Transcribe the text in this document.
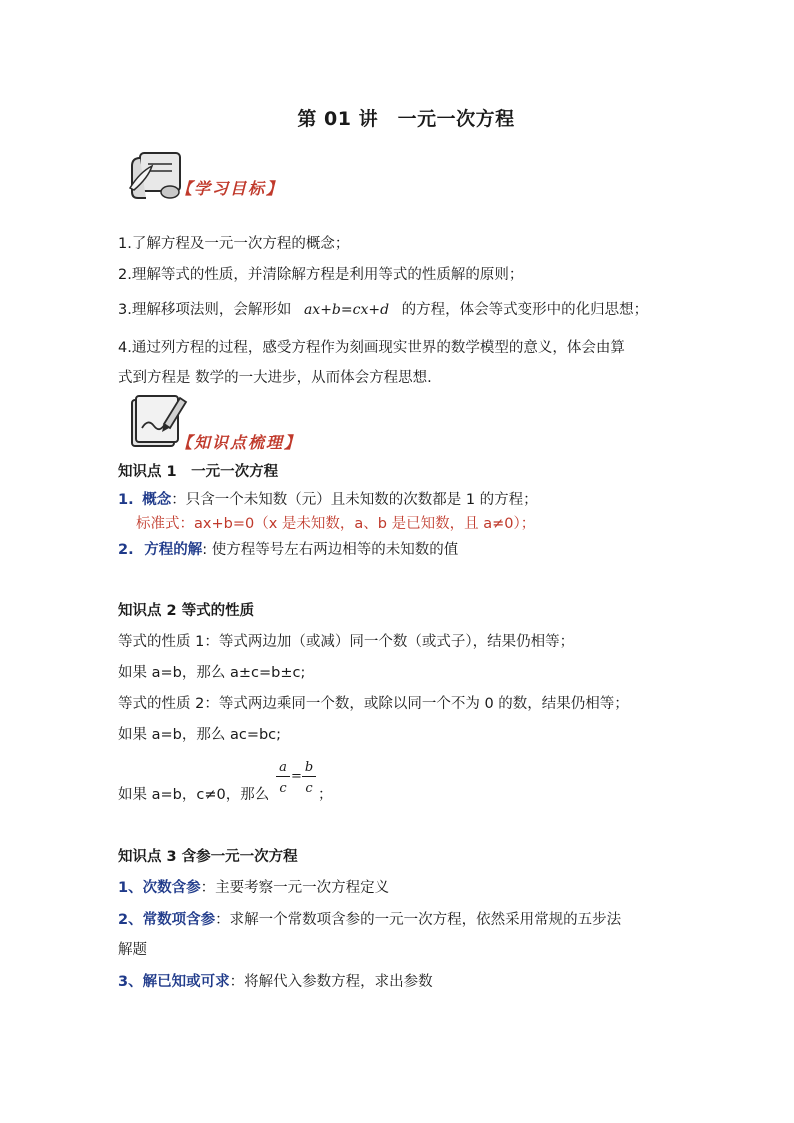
第 01 讲　一元一次方程
【学习目标】
1.了解方程及一元一次方程的概念；
2.理解等式的性质，并清除解方程是利用等式的性质解的原则；
3.理解移项法则，会解形如 ax+b=cx+d 的方程，体会等式变形中的化归思想；
4.通过列方程的过程，感受方程作为刻画现实世界的数学模型的意义，体会由算
式到方程是 数学的一大进步，从而体会方程思想.
【知识点梳理】
知识点 1　一元一次方程
1. 概念：只含一个未知数（元）且未知数的次数都是 1 的方程；
标准式：ax+b=0（x 是未知数，a、b 是已知数，且 a≠0）；
2. 方程的解: 使方程等号左右两边相等的未知数的值
知识点 2 等式的性质
等式的性质 1：等式两边加（或减）同一个数（或式子），结果仍相等；
如果 a=b，那么 a±c=b±c;
等式的性质 2：等式两边乘同一个数，或除以同一个不为 0 的数，结果仍相等；
如果 a=b，那么 ac=bc;
如果 a=b，c≠0，那么
a
c
=
b
c ；
知识点 3 含参一元一次方程
1、次数含参：主要考察一元一次方程定义
2、常数项含参：求解一个常数项含参的一元一次方程，依然采用常规的五步法
解题
3、解已知或可求：将解代入参数方程，求出参数
